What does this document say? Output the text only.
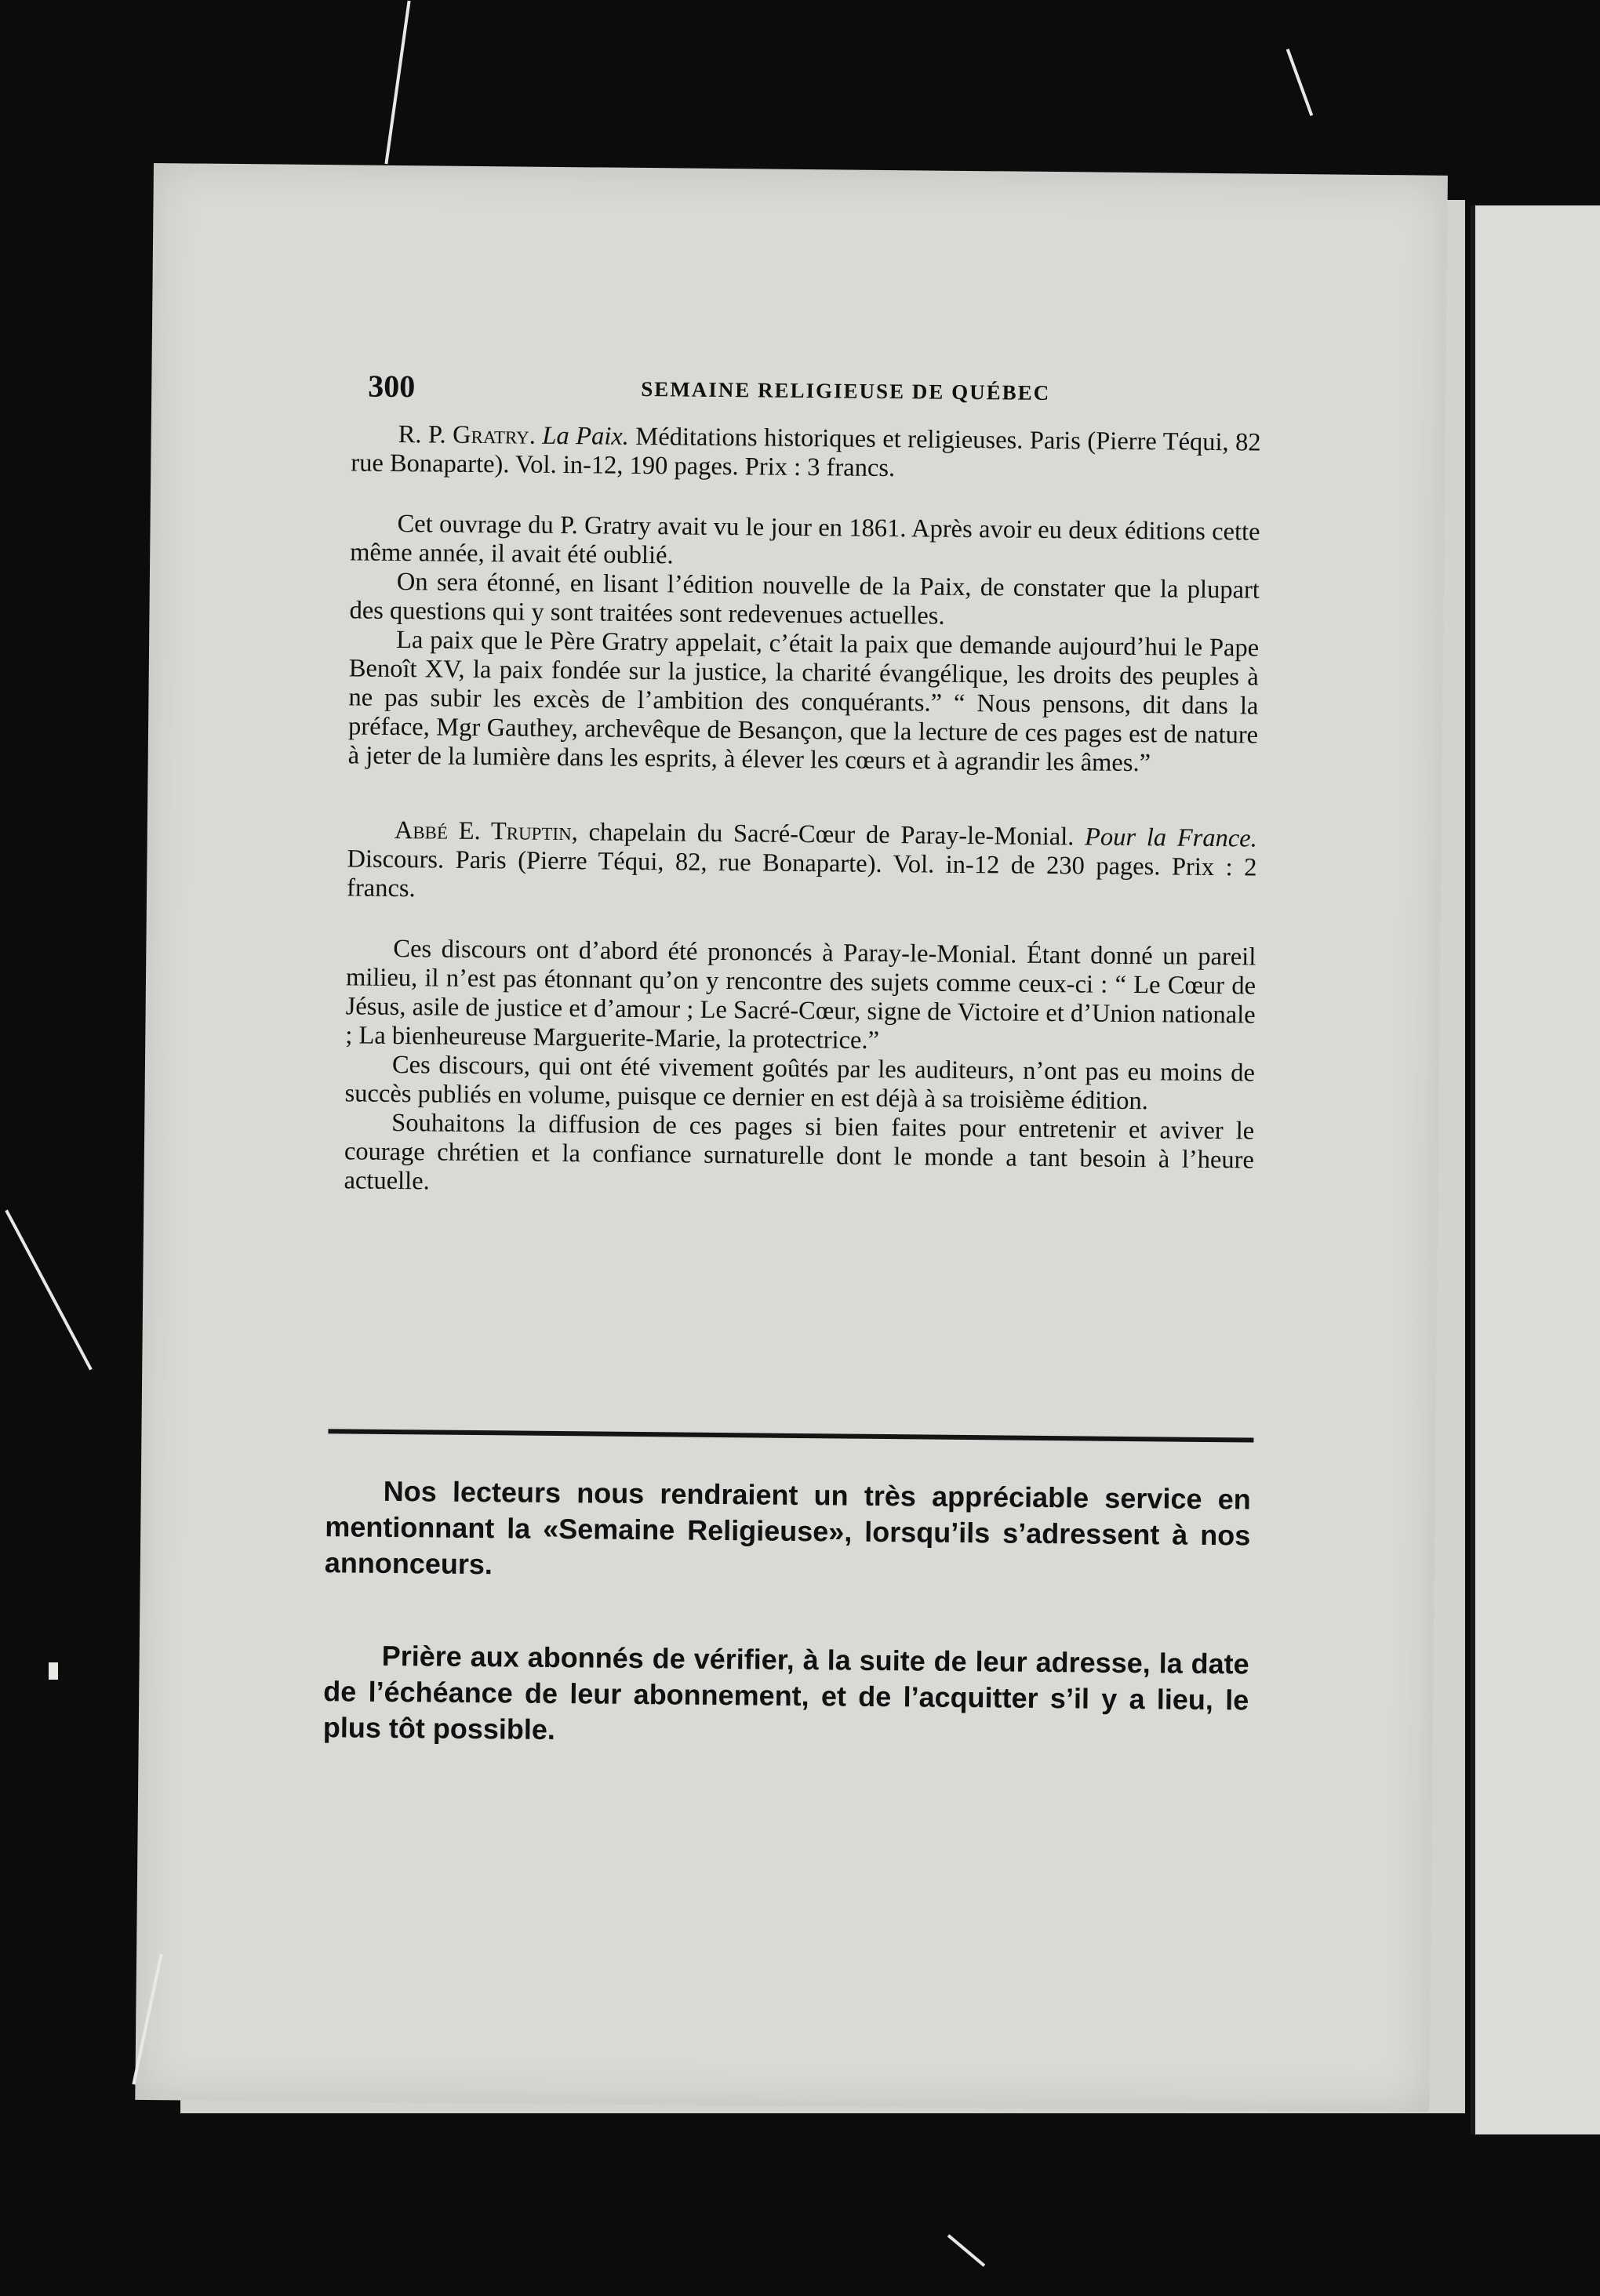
300	SEMAINE RELIGIEUSE DE QUÉBEC

R. P. Gratry. La Paix. Méditations historiques et religieuses. Paris (Pierre Téqui, 82 rue Bonaparte). Vol. in-12, 190 pages. Prix : 3 francs.

Cet ouvrage du P. Gratry avait vu le jour en 1861. Après avoir eu deux éditions cette même année, il avait été oublié.

On sera étonné, en lisant l’édition nouvelle de la Paix, de constater que la plupart des questions qui y sont traitées sont redevenues actuelles.

La paix que le Père Gratry appelait, c’était la paix que demande aujourd’hui le Pape Benoît XV, la paix fondée sur la justice, la charité évangélique, les droits des peuples à ne pas subir les excès de l’ambition des conquérants.” “ Nous pensons, dit dans la préface, Mgr Gauthey, archevêque de Besançon, que la lecture de ces pages est de nature à jeter de la lumière dans les esprits, à élever les cœurs et à agrandir les âmes.”

Abbé E. Truptin, chapelain du Sacré-Cœur de Paray-le-Monial. Pour la France. Discours. Paris (Pierre Téqui, 82, rue Bonaparte). Vol. in-12 de 230 pages. Prix : 2 francs.

Ces discours ont d’abord été prononcés à Paray-le-Monial. Étant donné un pareil milieu, il n’est pas étonnant qu’on y rencontre des sujets comme ceux-ci : “ Le Cœur de Jésus, asile de justice et d’amour ; Le Sacré-Cœur, signe de Victoire et d’Union nationale ; La bienheureuse Marguerite-Marie, la protectrice.”

Ces discours, qui ont été vivement goûtés par les auditeurs, n’ont pas eu moins de succès publiés en volume, puisque ce dernier en est déjà à sa troisième édition.

Souhaitons la diffusion de ces pages si bien faites pour entretenir et aviver le courage chrétien et la confiance surnaturelle dont le monde a tant besoin à l’heure actuelle.

Nos lecteurs nous rendraient un très appréciable service en mentionnant la «Semaine Religieuse», lorsqu’ils s’adressent à nos annonceurs.

Prière aux abonnés de vérifier, à la suite de leur adresse, la date de l’échéance de leur abonnement, et de l’acquitter s’il y a lieu, le plus tôt possible.
